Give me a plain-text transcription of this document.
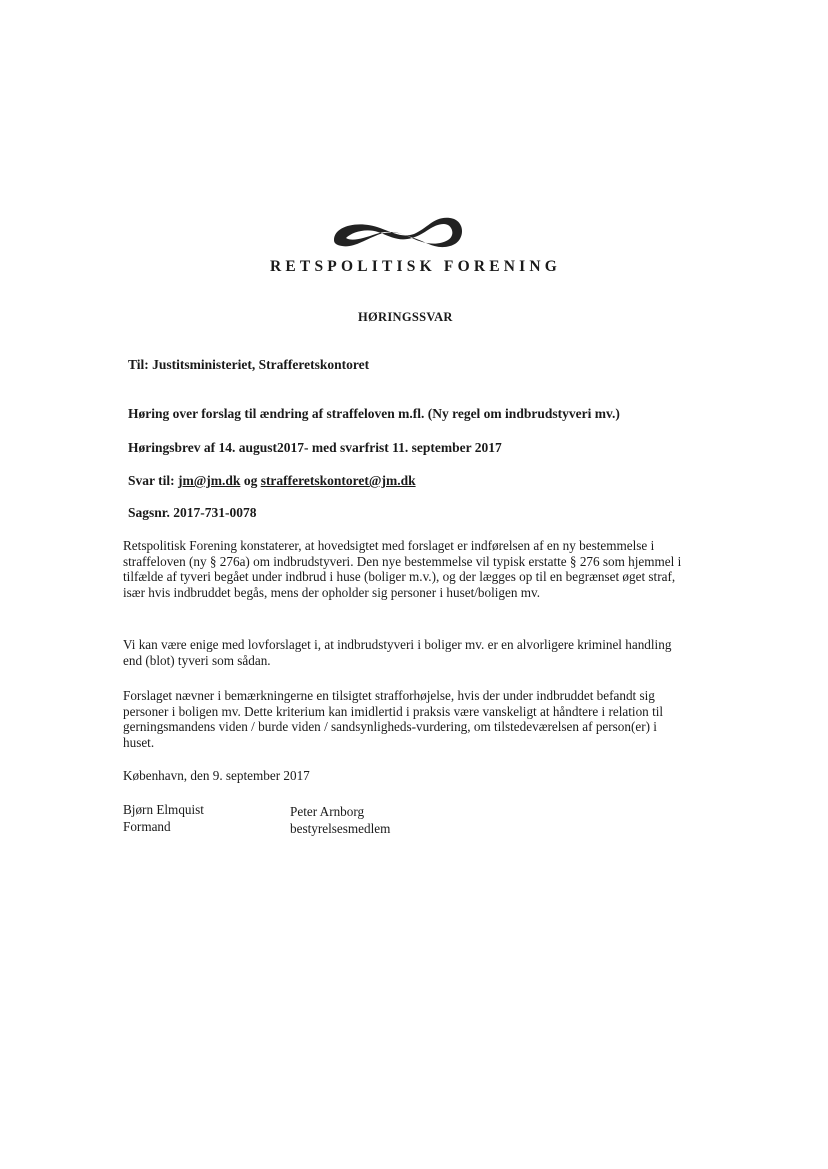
RETSPOLITISK FORENING
HØRINGSSVAR
Til: Justitsministeriet, Strafferetskontoret
Høring over forslag til ændring af straffeloven m.fl. (Ny regel om indbrudstyveri mv.)
Høringsbrev af 14. august2017- med svarfrist 11. september 2017
Svar til: jm@jm.dk og strafferetskontoret@jm.dk
Sagsnr. 2017-731-0078
Retspolitisk Forening konstaterer, at hovedsigtet med forslaget er indførelsen af en ny bestemmelse i straffeloven (ny § 276a) om indbrudstyveri. Den nye bestemmelse vil typisk erstatte § 276 som hjemmel i tilfælde af tyveri begået under indbrud i huse (boliger m.v.), og der lægges op til en begrænset øget straf, især hvis indbruddet begås, mens der opholder sig personer i huset/boligen mv.
Vi kan være enige med lovforslaget i, at indbrudstyveri i boliger mv. er en alvorligere kriminel handling end (blot) tyveri som sådan.
Forslaget nævner i bemærkningerne en tilsigtet strafforhøjelse, hvis der under indbruddet befandt sig personer i boligen mv. Dette kriterium kan imidlertid i praksis være vanskeligt at håndtere i relation til gerningsmandens viden / burde viden / sandsynligheds-vurdering, om tilstedeværelsen af person(er) i huset.
København, den 9. september 2017
Bjørn Elmquist
Formand
Peter Arnborg
bestyrelsesmedlem
